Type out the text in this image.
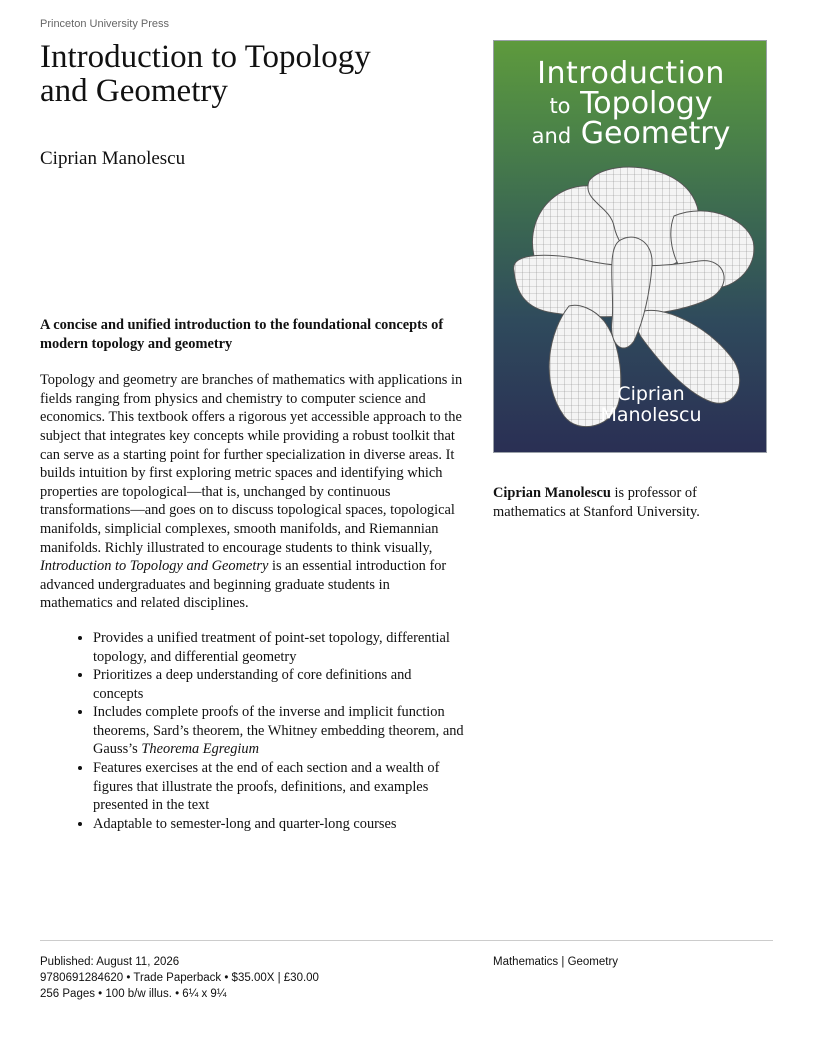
Princeton University Press
Introduction to Topology
and Geometry
Ciprian Manolescu

A concise and unified introduction to the foundational concepts of modern topology and geometry

Topology and geometry are branches of mathematics with applications in fields ranging from physics and chemistry to computer science and economics. This textbook offers a rigorous yet accessible approach to the subject that integrates key concepts while providing a robust toolkit that can serve as a starting point for further specialization in diverse areas. It builds intuition by first exploring metric spaces and identifying which properties are topological—that is, unchanged by continuous transformations—and goes on to discuss topological spaces, topological manifolds, simplicial complexes, smooth manifolds, and Riemannian manifolds. Richly illustrated to encourage students to think visually, Introduction to Topology and Geometry is an essential introduction for advanced undergraduates and beginning graduate students in mathematics and related disciplines.

• Provides a unified treatment of point-set topology, differential topology, and differential geometry
• Prioritizes a deep understanding of core definitions and concepts
• Includes complete proofs of the inverse and implicit function theorems, Sard’s theorem, the Whitney embedding theorem, and Gauss’s Theorema Egregium
• Features exercises at the end of each section and a wealth of figures that illustrate the proofs, definitions, and examples presented in the text
• Adaptable to semester-long and quarter-long courses
Introduction
to Topology
and Geometry
Ciprian
Manolescu
Ciprian Manolescu is professor of mathematics at Stanford University.
Published: August 11, 2026
9780691284620 • Trade Paperback • $35.00X | £30.00
256 Pages • 100 b/w illus. • 6¼ x 9¼
Mathematics | Geometry
